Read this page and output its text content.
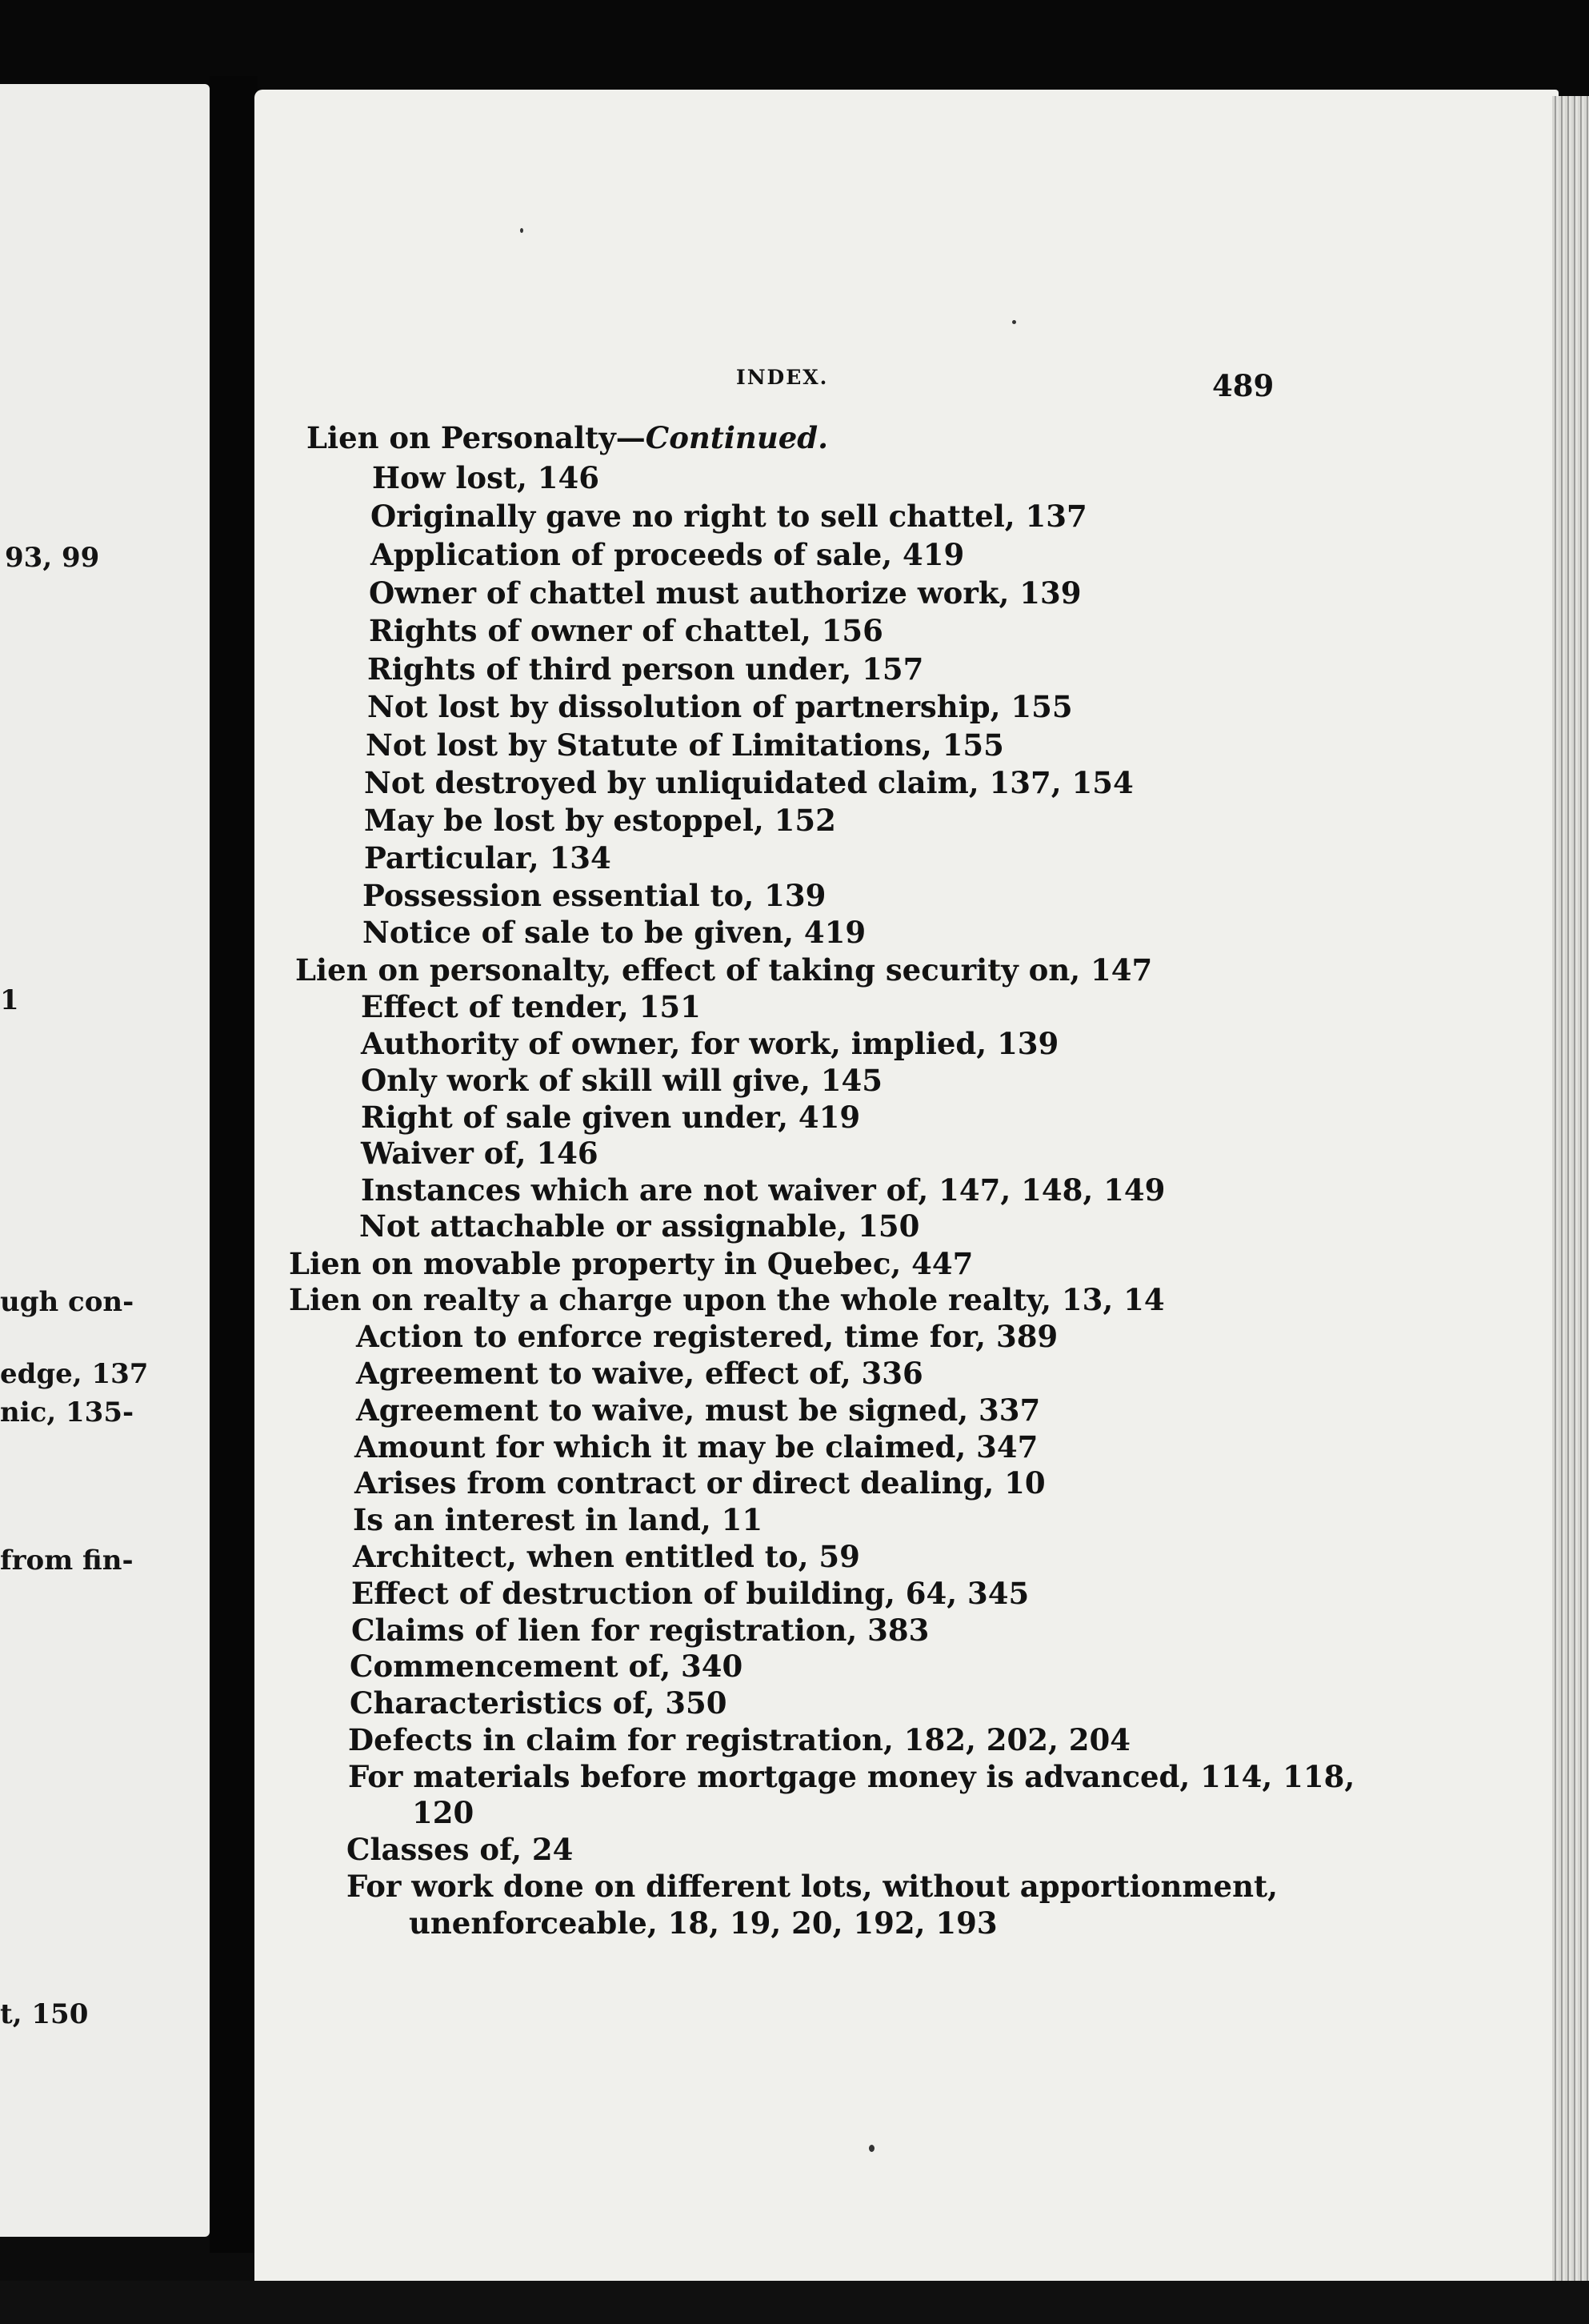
93, 99
1
ugh con-
edge, 137
nic, 135-
from fin-
t, 150
INDEX.	489
Lien on Personalty—Continued.
How lost, 146
Originally gave no right to sell chattel, 137
Application of proceeds of sale, 419
Owner of chattel must authorize work, 139
Rights of owner of chattel, 156
Rights of third person under, 157
Not lost by dissolution of partnership, 155
Not lost by Statute of Limitations, 155
Not destroyed by unliquidated claim, 137, 154
May be lost by estoppel, 152
Particular, 134
Possession essential to, 139
Notice of sale to be given, 419
Lien on personalty, effect of taking security on, 147
Effect of tender, 151
Authority of owner, for work, implied, 139
Only work of skill will give, 145
Right of sale given under, 419
Waiver of, 146
Instances which are not waiver of, 147, 148, 149
Not attachable or assignable, 150
Lien on movable property in Quebec, 447
Lien on realty a charge upon the whole realty, 13, 14
Action to enforce registered, time for, 389
Agreement to waive, effect of, 336
Agreement to waive, must be signed, 337
Amount for which it may be claimed, 347
Arises from contract or direct dealing, 10
Is an interest in land, 11
Architect, when entitled to, 59
Effect of destruction of building, 64, 345
Claims of lien for registration, 383
Commencement of, 340
Characteristics of, 350
Defects in claim for registration, 182, 202, 204
For materials before mortgage money is advanced, 114, 118,
120
Classes of, 24
For work done on different lots, without apportionment,
unenforceable, 18, 19, 20, 192, 193
